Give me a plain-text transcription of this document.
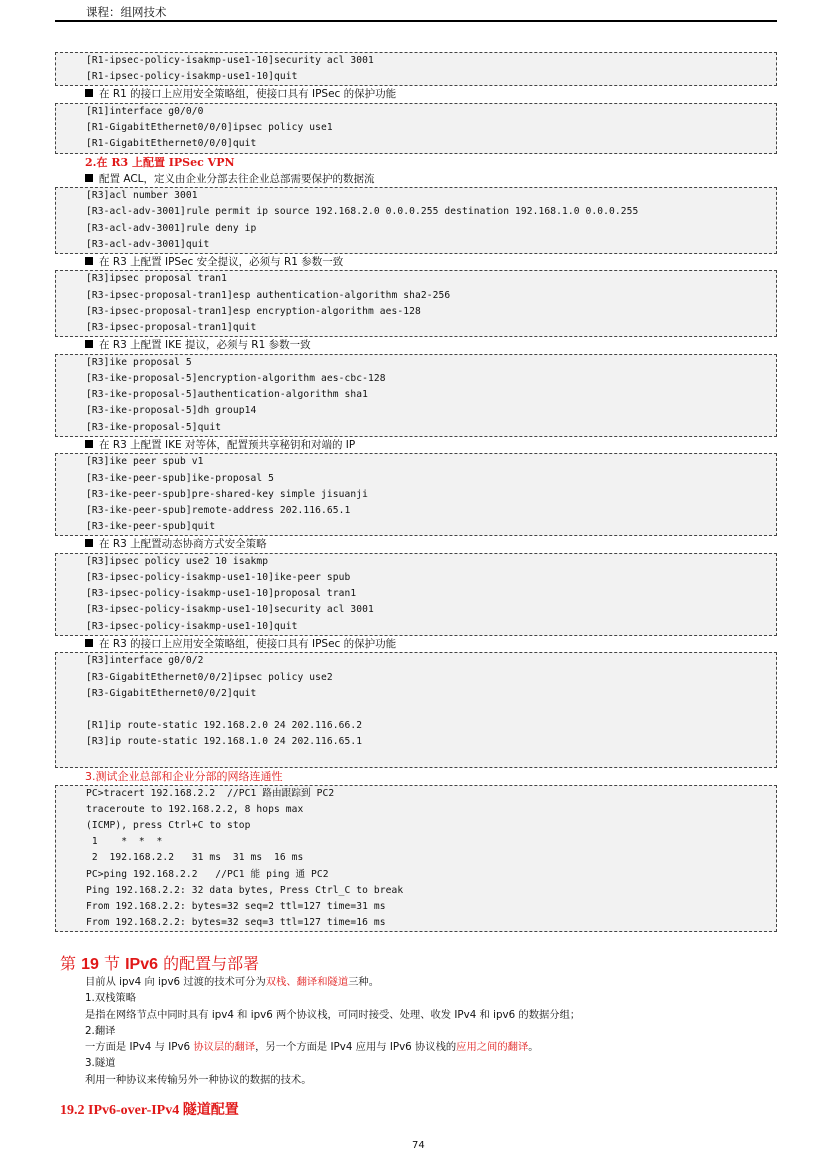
课程：组网技术
[R1-ipsec-policy-isakmp-use1-10]security acl 3001
[R1-ipsec-policy-isakmp-use1-10]quit
在 R1 的接口上应用安全策略组，使接口具有 IPSec 的保护功能
[R1]interface g0/0/0
[R1-GigabitEthernet0/0/0]ipsec policy use1
[R1-GigabitEthernet0/0/0]quit
2.在 R3 上配置 IPSec VPN
配置 ACL，定义由企业分部去往企业总部需要保护的数据流
[R3]acl number 3001
[R3-acl-adv-3001]rule permit ip source 192.168.2.0 0.0.0.255 destination 192.168.1.0 0.0.0.255
[R3-acl-adv-3001]rule deny ip
[R3-acl-adv-3001]quit
在 R3 上配置 IPSec 安全提议，必须与 R1 参数一致
[R3]ipsec proposal tran1
[R3-ipsec-proposal-tran1]esp authentication-algorithm sha2-256
[R3-ipsec-proposal-tran1]esp encryption-algorithm aes-128
[R3-ipsec-proposal-tran1]quit
在 R3 上配置 IKE 提议，必须与 R1 参数一致
[R3]ike proposal 5
[R3-ike-proposal-5]encryption-algorithm aes-cbc-128
[R3-ike-proposal-5]authentication-algorithm sha1
[R3-ike-proposal-5]dh group14
[R3-ike-proposal-5]quit
在 R3 上配置 IKE 对等体，配置预共享秘钥和对端的 IP
[R3]ike peer spub v1
[R3-ike-peer-spub]ike-proposal 5
[R3-ike-peer-spub]pre-shared-key simple jisuanji
[R3-ike-peer-spub]remote-address 202.116.65.1
[R3-ike-peer-spub]quit
在 R3 上配置动态协商方式安全策略
[R3]ipsec policy use2 10 isakmp
[R3-ipsec-policy-isakmp-use1-10]ike-peer spub
[R3-ipsec-policy-isakmp-use1-10]proposal tran1
[R3-ipsec-policy-isakmp-use1-10]security acl 3001
[R3-ipsec-policy-isakmp-use1-10]quit
在 R3 的接口上应用安全策略组，使接口具有 IPSec 的保护功能
[R3]interface g0/0/2
[R3-GigabitEthernet0/0/2]ipsec policy use2
[R3-GigabitEthernet0/0/2]quit
[R1]ip route-static 192.168.2.0 24 202.116.66.2
[R3]ip route-static 192.168.1.0 24 202.116.65.1
3.测试企业总部和企业分部的网络连通性
PC>tracert 192.168.2.2  //PC1 路由跟踪到 PC2
traceroute to 192.168.2.2, 8 hops max
(ICMP), press Ctrl+C to stop
1    *  *  *
2  192.168.2.2   31 ms  31 ms  16 ms
PC>ping 192.168.2.2   //PC1 能 ping 通 PC2
Ping 192.168.2.2: 32 data bytes, Press Ctrl_C to break
From 192.168.2.2: bytes=32 seq=2 ttl=127 time=31 ms
From 192.168.2.2: bytes=32 seq=3 ttl=127 time=16 ms
第 19 节 IPv6 的配置与部署
目前从 ipv4 向 ipv6 过渡的技术可分为双栈、翻译和隧道三种。
1.双栈策略
是指在网络节点中同时具有 ipv4 和 ipv6 两个协议栈，可同时接受、处理、收发 IPv4 和 ipv6 的数据分组；
2.翻译
一方面是 IPv4 与 IPv6 协议层的翻译，另一个方面是 IPv4 应用与 IPv6 协议栈的应用之间的翻译。
3.隧道
利用一种协议来传输另外一种协议的数据的技术。
19.2 IPv6-over-IPv4 隧道配置
74
